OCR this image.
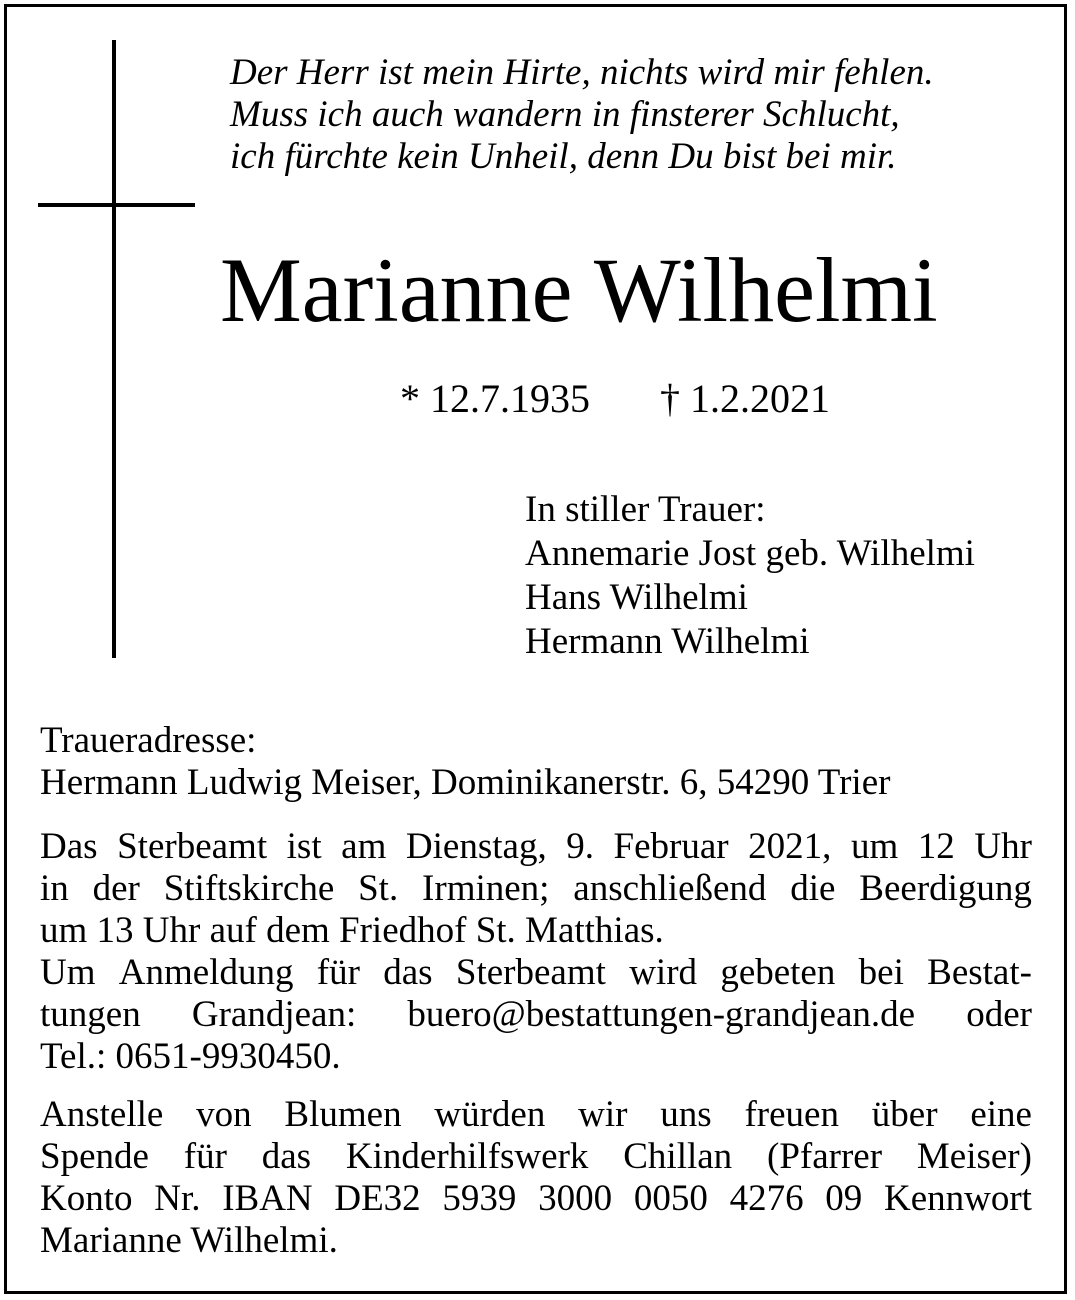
Der Herr ist mein Hirte, nichts wird mir fehlen.
Muss ich auch wandern in finsterer Schlucht,
ich fürchte kein Unheil, denn Du bist bei mir.
Marianne Wilhelmi
* 12.7.1935 † 1.2.2021
In stiller Trauer:
Annemarie Jost geb. Wilhelmi
Hans Wilhelmi
Hermann Wilhelmi
Traueradresse:
Hermann Ludwig Meiser, Dominikanerstr. 6, 54290 Trier
Das Sterbeamt ist am Dienstag, 9. Februar 2021, um 12 Uhr
in der Stiftskirche St. Irminen; anschließend die Beerdigung
um 13 Uhr auf dem Friedhof St. Matthias.
Um Anmeldung für das Sterbeamt wird gebeten bei Bestat-
tungen Grandjean: buero@bestattungen-grandjean.de oder
Tel.: 0651-9930450.
Anstelle von Blumen würden wir uns freuen über eine
Spende für das Kinderhilfswerk Chillan (Pfarrer Meiser)
Konto Nr. IBAN DE32 5939 3000 0050 4276 09 Kennwort
Marianne Wilhelmi.
